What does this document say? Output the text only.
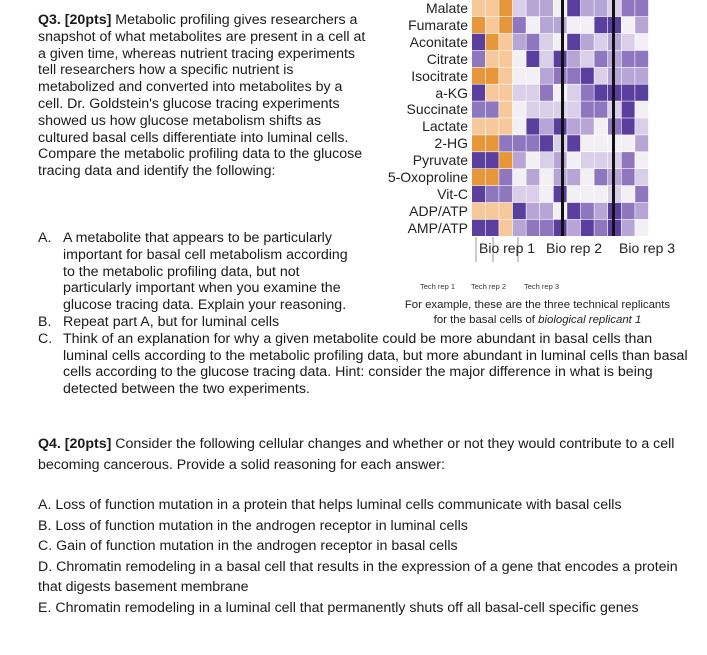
Q3. [20pts] Metabolic profiling gives researchers a snapshot of what metabolites are present in a cell at a given time, whereas nutrient tracing experiments tell researchers how a specific nutrient is metabolized and converted into metabolites by a cell. Dr. Goldstein's glucose tracing experiments showed us how glucose metabolism shifts as cultured basal cells differentiate into luminal cells. Compare the metabolic profiling data to the glucose tracing data and identify the following:
Malate
Fumarate
Aconitate
Citrate
Isocitrate
a-KG
Succinate
Lactate
2-HG
Pyruvate
5-Oxoproline
Vit-C
ADP/ATP
AMP/ATP
Bio rep 1 Bio rep 2 Bio rep 3
Tech rep 1 Tech rep 2 Tech rep 3
For example, these are the three technical replicants
for the basal cells of biological replicant 1
A. A metabolite that appears to be particularly important for basal cell metabolism according to the metabolic profiling data, but not particularly important when you examine the glucose tracing data. Explain your reasoning.
B. Repeat part A, but for luminal cells
C. Think of an explanation for why a given metabolite could be more abundant in basal cells than luminal cells according to the metabolic profiling data, but more abundant in luminal cells than basal cells according to the glucose tracing data. Hint: consider the major difference in what is being detected between the two experiments.

Q4. [20pts] Consider the following cellular changes and whether or not they would contribute to a cell becoming cancerous. Provide a solid reasoning for each answer:

A. Loss of function mutation in a protein that helps luminal cells communicate with basal cells

B. Loss of function mutation in the androgen receptor in luminal cells

C. Gain of function mutation in the androgen receptor in basal cells

D. Chromatin remodeling in a basal cell that results in the expression of a gene that encodes a protein that digests basement membrane

E. Chromatin remodeling in a luminal cell that permanently shuts off all basal-cell specific genes
